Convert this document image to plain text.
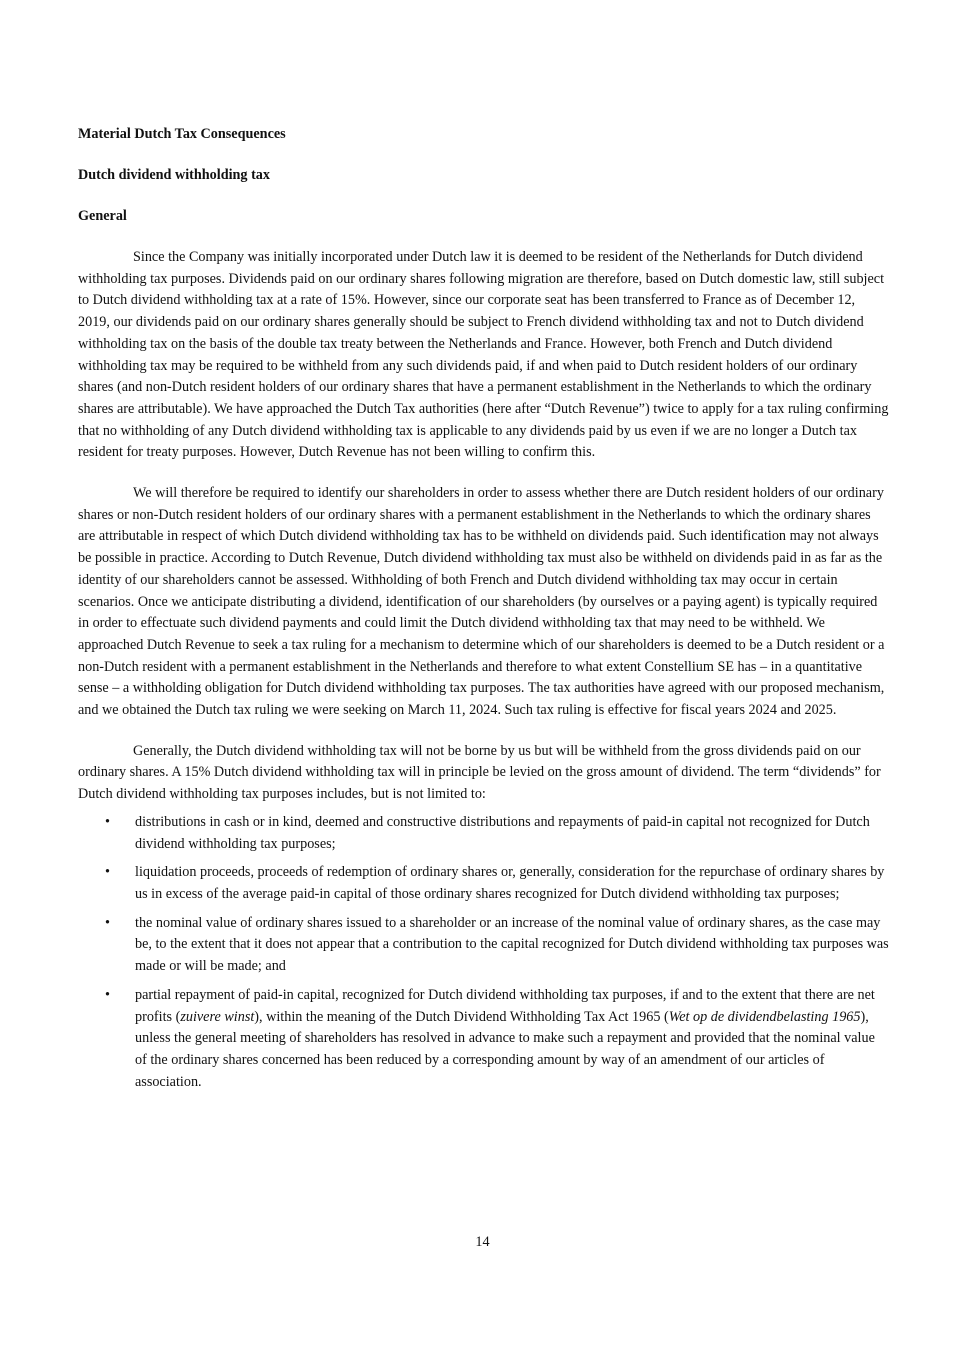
Material Dutch Tax Consequences
Dutch dividend withholding tax
General

Since the Company was initially incorporated under Dutch law it is deemed to be resident of the Netherlands for Dutch dividend withholding tax purposes. Dividends paid on our ordinary shares following migration are therefore, based on Dutch domestic law, still subject to Dutch dividend withholding tax at a rate of 15%. However, since our corporate seat has been transferred to France as of December 12, 2019, our dividends paid on our ordinary shares generally should be subject to French dividend withholding tax and not to Dutch dividend withholding tax on the basis of the double tax treaty between the Netherlands and France. However, both French and Dutch dividend withholding tax may be required to be withheld from any such dividends paid, if and when paid to Dutch resident holders of our ordinary shares (and non-Dutch resident holders of our ordinary shares that have a permanent establishment in the Netherlands to which the ordinary shares are attributable). We have approached the Dutch Tax authorities (here after “Dutch Revenue”) twice to apply for a tax ruling confirming that no withholding of any Dutch dividend withholding tax is applicable to any dividends paid by us even if we are no longer a Dutch tax resident for treaty purposes. However, Dutch Revenue has not been willing to confirm this.

We will therefore be required to identify our shareholders in order to assess whether there are Dutch resident holders of our ordinary shares or non-Dutch resident holders of our ordinary shares with a permanent establishment in the Netherlands to which the ordinary shares are attributable in respect of which Dutch dividend withholding tax has to be withheld on dividends paid. Such identification may not always be possible in practice. According to Dutch Revenue, Dutch dividend withholding tax must also be withheld on dividends paid in as far as the identity of our shareholders cannot be assessed. Withholding of both French and Dutch dividend withholding tax may occur in certain scenarios. Once we anticipate distributing a dividend, identification of our shareholders (by ourselves or a paying agent) is typically required in order to effectuate such dividend payments and could limit the Dutch dividend withholding tax that may need to be withheld. We approached Dutch Revenue to seek a tax ruling for a mechanism to determine which of our shareholders is deemed to be a Dutch resident or a non-Dutch resident with a permanent establishment in the Netherlands and therefore to what extent Constellium SE has – in a quantitative sense – a withholding obligation for Dutch dividend withholding tax purposes. The tax authorities have agreed with our proposed mechanism, and we obtained the Dutch tax ruling we were seeking on March 11, 2024. Such tax ruling is effective for fiscal years 2024 and 2025.

Generally, the Dutch dividend withholding tax will not be borne by us but will be withheld from the gross dividends paid on our ordinary shares. A 15% Dutch dividend withholding tax will in principle be levied on the gross amount of dividend. The term “dividends” for Dutch dividend withholding tax purposes includes, but is not limited to:

• distributions in cash or in kind, deemed and constructive distributions and repayments of paid-in capital not recognized for Dutch dividend withholding tax purposes;
• liquidation proceeds, proceeds of redemption of ordinary shares or, generally, consideration for the repurchase of ordinary shares by us in excess of the average paid-in capital of those ordinary shares recognized for Dutch dividend withholding tax purposes;
• the nominal value of ordinary shares issued to a shareholder or an increase of the nominal value of ordinary shares, as the case may be, to the extent that it does not appear that a contribution to the capital recognized for Dutch dividend withholding tax purposes was made or will be made; and
• partial repayment of paid-in capital, recognized for Dutch dividend withholding tax purposes, if and to the extent that there are net profits (zuivere winst), within the meaning of the Dutch Dividend Withholding Tax Act 1965 (Wet op de dividendbelasting 1965), unless the general meeting of shareholders has resolved in advance to make such a repayment and provided that the nominal value of the ordinary shares concerned has been reduced by a corresponding amount by way of an amendment of our articles of association.
14
